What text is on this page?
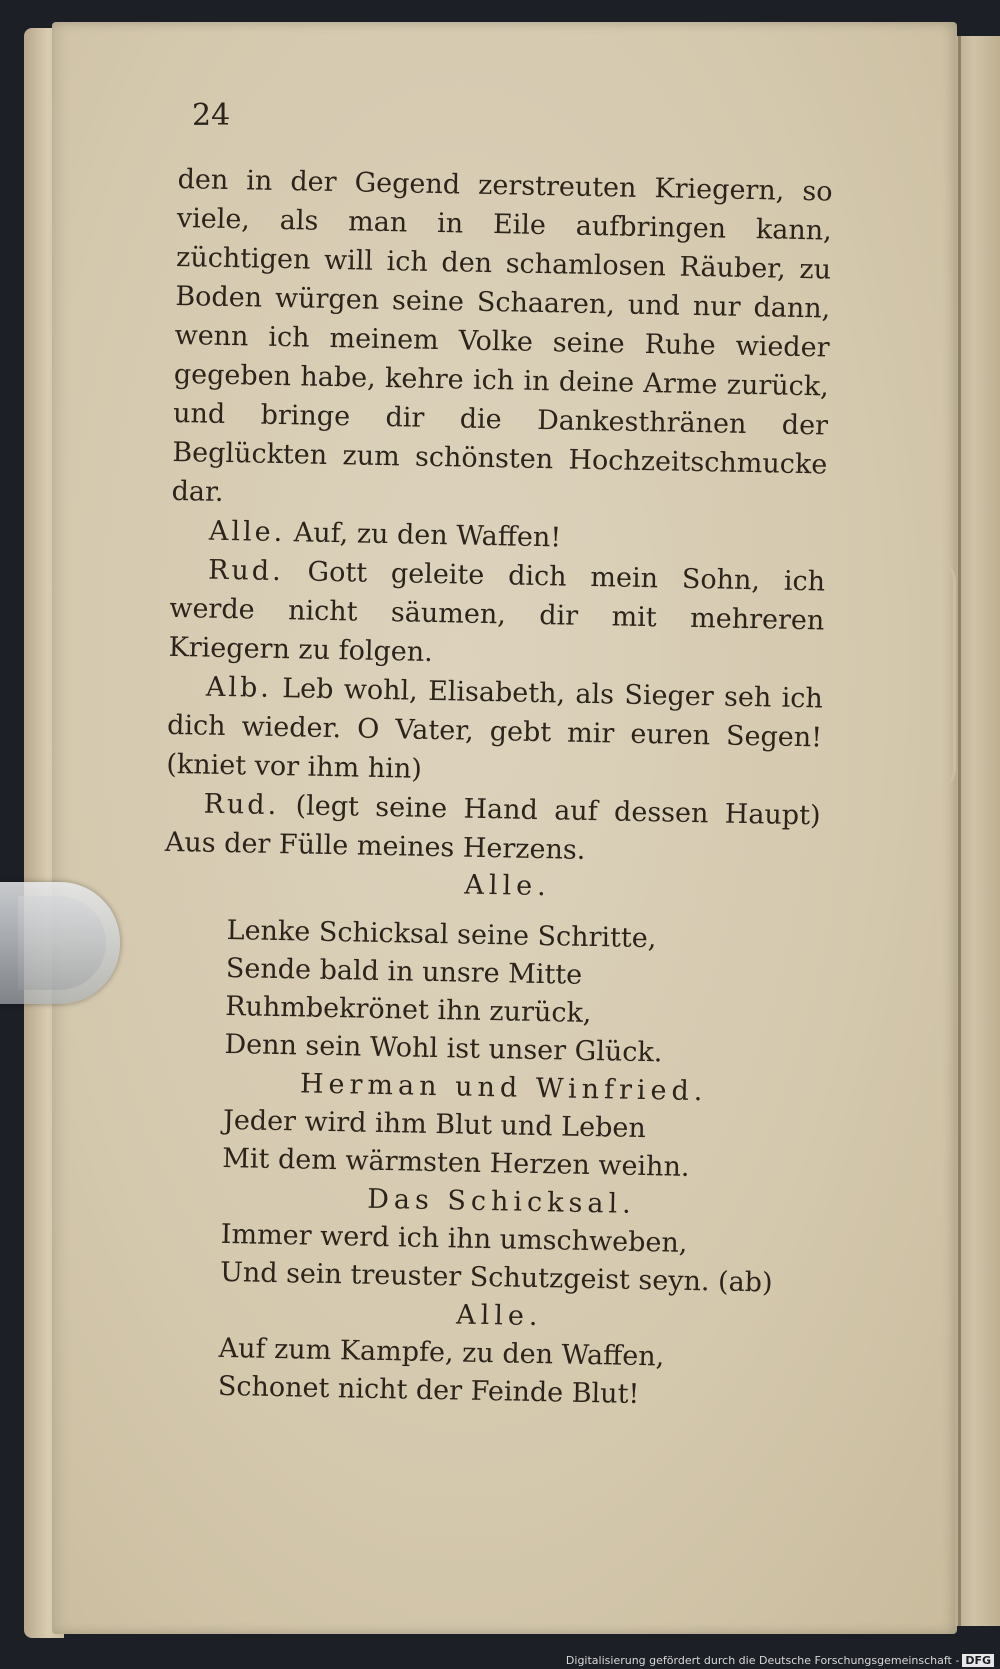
24

den in der Gegend zerstreuten Kriegern, so viele, als man in Eile aufbringen kann, züchtigen will ich den schamlosen Räuber, zu Boden würgen seine Schaaren, und nur dann, wenn ich meinem Volke seine Ruhe wieder gegeben habe, kehre ich in deine Arme zurück, und bringe dir die Dankesthränen der Beglückten zum schönsten Hochzeitschmucke dar.

Alle. Auf, zu den Waffen!

Rud. Gott geleite dich mein Sohn, ich werde nicht säumen, dir mit mehreren Kriegern zu folgen.

Alb. Leb wohl, Elisabeth, als Sieger seh ich dich wieder. O Vater, gebt mir euren Segen! (kniet vor ihm hin)

Rud. (legt seine Hand auf dessen Haupt) Aus der Fülle meines Herzens.

Alle.
Lenke Schicksal seine Schritte,
Sende bald in unsre Mitte
Ruhmbekrönet ihn zurück,
Denn sein Wohl ist unser Glück.
Herman und Winfried.
Jeder wird ihm Blut und Leben
Mit dem wärmsten Herzen weihn.
Das Schicksal.
Immer werd ich ihn umschweben,
Und sein treuster Schutzgeist seyn. (ab)
Alle.
Auf zum Kampfe, zu den Waffen,
Schonet nicht der Feinde Blut!
Digitalisierung gefördert durch die Deutsche Forschungsgemeinschaft - DFG
